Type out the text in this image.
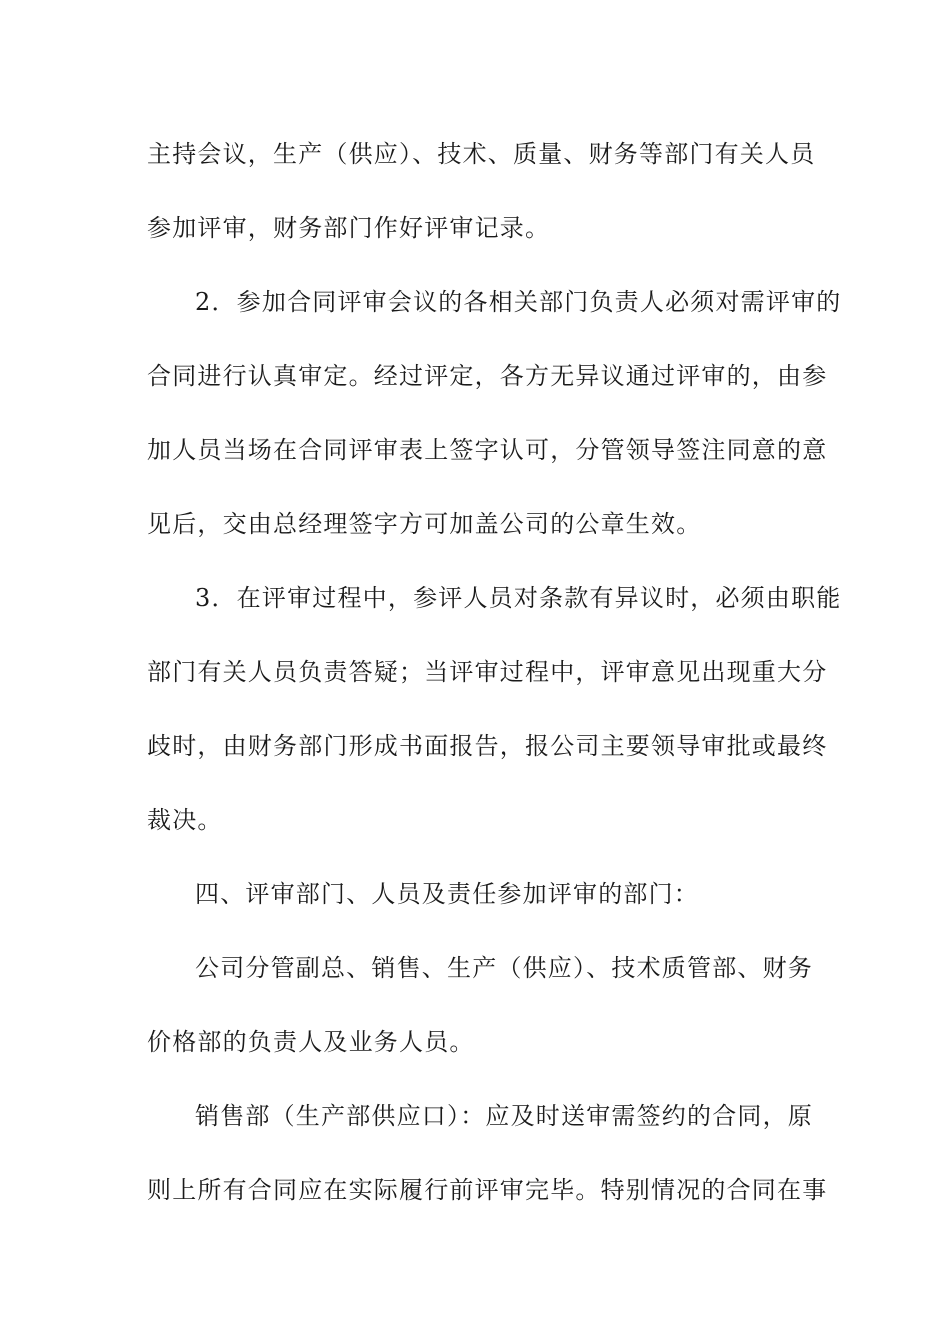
主持会议，生产（供应）、技术、质量、财务等部门有关人员
参加评审，财务部门作好评审记录。
2．参加合同评审会议的各相关部门负责人必须对需评审的
合同进行认真审定。经过评定，各方无异议通过评审的，由参
加人员当场在合同评审表上签字认可，分管领导签注同意的意
见后，交由总经理签字方可加盖公司的公章生效。
3．在评审过程中，参评人员对条款有异议时，必须由职能
部门有关人员负责答疑；当评审过程中，评审意见出现重大分
歧时，由财务部门形成书面报告，报公司主要领导审批或最终
裁决。
四、评审部门、人员及责任参加评审的部门：
公司分管副总、销售、生产（供应）、技术质管部、财务
价格部的负责人及业务人员。
销售部（生产部供应口）：应及时送审需签约的合同，原
则上所有合同应在实际履行前评审完毕。特别情况的合同在事
